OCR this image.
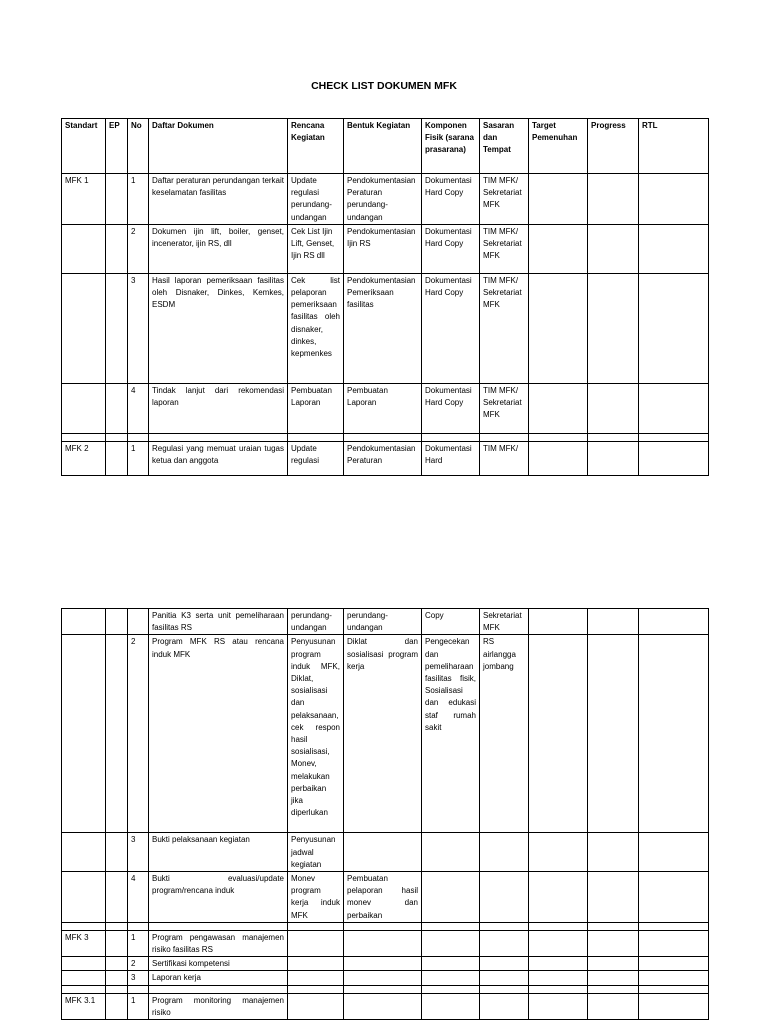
CHECK LIST DOKUMEN MFK
Standart	EP	No	Daftar Dokumen	Rencana Kegiatan	Bentuk Kegiatan	Komponen Fisik (sarana prasarana)	Sasaran dan Tempat	Target Pemenuhan	Progress	RTL
MFK 1		1	Daftar peraturan perundangan terkait keselamatan fasilitas	Update regulasi perundang-undangan	Pendokumentasian Peraturan perundang-undangan	Dokumentasi Hard Copy	TIM MFK/ Sekretariat MFK			
		2	Dokumen ijin lift, boiler, genset, incenerator, ijin RS, dll	Cek List Ijin Lift, Genset, Ijin RS dll	Pendokumentasian Ijin RS	Dokumentasi Hard Copy	TIM MFK/ Sekretariat MFK			
		3	Hasil laporan pemeriksaan fasilitas oleh Disnaker, Dinkes, Kemkes, ESDM	Cek list pelaporan pemeriksaan fasilitas oleh disnaker, dinkes, kepmenkes	Pendokumentasian Pemeriksaan fasilitas	Dokumentasi Hard Copy	TIM MFK/ Sekretariat MFK			
		4	Tindak lanjut dari rekomendasi laporan	Pembuatan Laporan	Pembuatan Laporan	Dokumentasi Hard Copy	TIM MFK/ Sekretariat MFK			

MFK 2		1	Regulasi yang memuat uraian tugas ketua dan anggota	Update regulasi	Pendokumentasian Peraturan	Dokumentasi Hard	TIM MFK/			
			Panitia K3 serta unit pemeliharaan fasilitas RS	perundang-undangan	perundang-undangan	Copy	Sekretariat MFK			
		2	Program MFK RS atau rencana induk MFK	Penyusunan program induk MFK, Diklat, sosialisasi dan pelaksanaan, cek respon hasil sosialisasi, Monev, melakukan perbaikan jika diperlukan	Diklat dan sosialisasi program kerja	Pengecekan dan pemeliharaan fasilitas fisik, Sosialisasi dan edukasi staf rumah sakit	RS airlangga jombang			
		3	Bukti pelaksanaan kegiatan	Penyusunan jadwal kegiatan						
		4	Bukti evaluasi/update program/rencana induk	Monev program kerja induk MFK	Pembuatan pelaporan hasil monev dan perbaikan					

MFK 3		1	Program pengawasan manajemen risiko fasilitas RS							
		2	Sertifikasi kompetensi							
		3	Laporan kerja							

MFK 3.1		1	Program monitoring manajemen risiko							
